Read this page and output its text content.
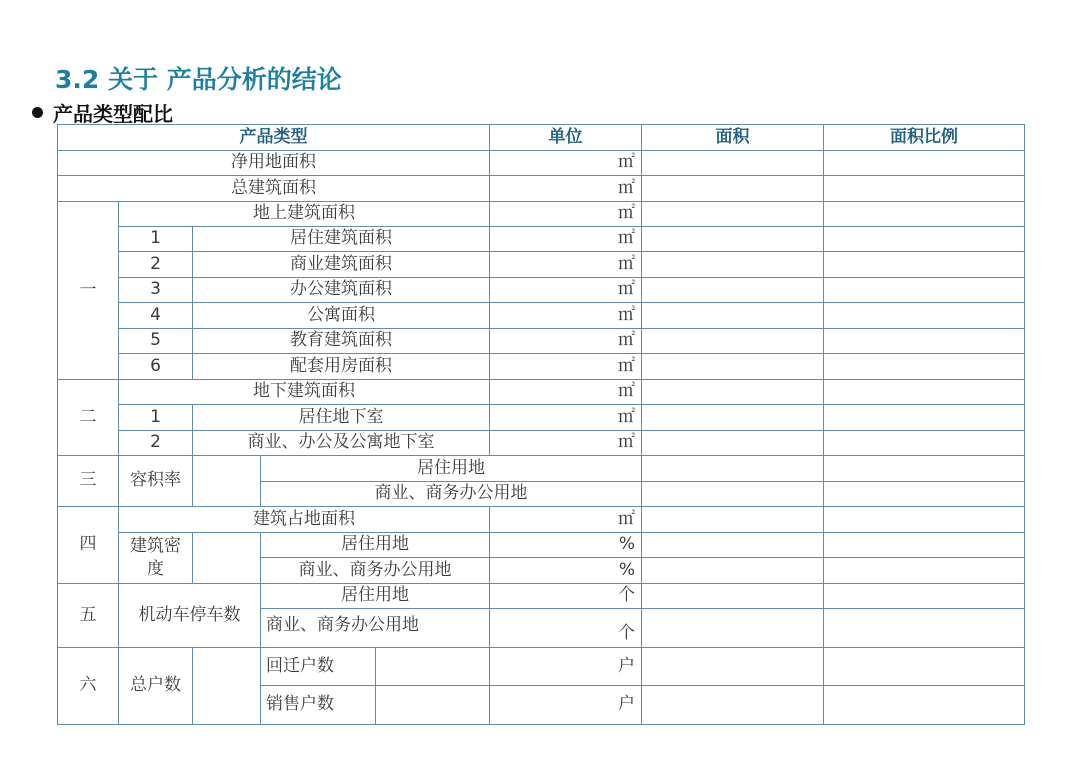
3.2 关于 产品分析的结论
产品类型配比
产品类型					单位	面积	面积比例
净用地面积					㎡		
总建筑面积					㎡		
一	地上建筑面积				㎡		
	1	居住建筑面积			㎡		
	2	商业建筑面积			㎡		
	3	办公建筑面积			㎡		
	4	公寓面积			㎡		
	5	教育建筑面积			㎡		
	6	配套用房面积			㎡		
二	地下建筑面积				㎡		
	1	居住地下室			㎡		
	2	商业、办公及公寓地下室			㎡		
三	容积率		居住用地				
			商业、商务办公用地				
四	建筑占地面积				㎡		
	建筑密度		居住用地		%		
			商业、商务办公用地		%		
五	机动车停车数		居住用地		个		
			商业、商务办公用地		个		
六	总户数		回迁户数		户		
			销售户数		户		
